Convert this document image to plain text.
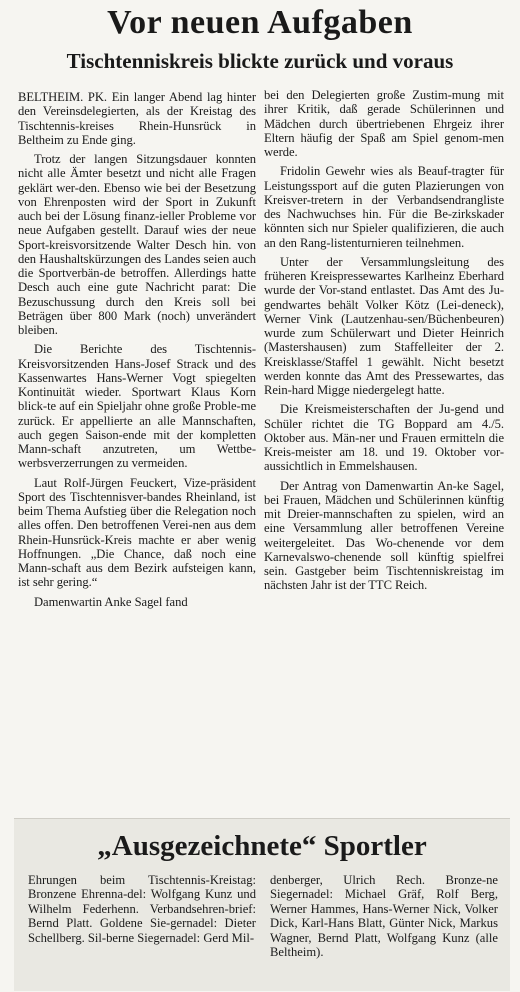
Vor neuen Aufgaben
Tischtenniskreis blickte zurück und voraus

BELTHEIM. PK. Ein langer Abend lag hinter den Vereinsdelegierten, als der Kreistag des Tischtennis-kreises Rhein-Hunsrück in Beltheim zu Ende ging.

Trotz der langen Sitzungsdauer konnten nicht alle Ämter besetzt und nicht alle Fragen geklärt wer-den. Ebenso wie bei der Besetzung von Ehrenposten wird der Sport in Zukunft auch bei der Lösung finanz-ieller Probleme vor neue Aufgaben gestellt. Darauf wies der neue Sport-kreisvorsitzende Walter Desch hin. von den Haushaltskürzungen des Landes seien auch die Sportverbän-de betroffen. Allerdings hatte Desch auch eine gute Nachricht parat: Die Bezuschussung durch den Kreis soll bei Beträgen über 800 Mark (noch) unverändert bleiben.

Die Berichte des Tischtennis-Kreisvorsitzenden Hans-Josef Strack und des Kassenwartes Hans-Werner Vogt spiegelten Kontinuität wieder. Sportwart Klaus Korn blick-te auf ein Spieljahr ohne große Proble-me zurück. Er appellierte an alle Mannschaften, auch gegen Saison-ende mit der kompletten Mann-schaft anzutreten, um Wettbe-werbsverzerrungen zu vermeiden.

Laut Rolf-Jürgen Feuckert, Vize-präsident Sport des Tischtennisver-bandes Rheinland, ist beim Thema Aufstieg über die Relegation noch alles offen. Den betroffenen Verei-nen aus dem Rhein-Hunsrück-Kreis machte er aber wenig Hoffnungen. „Die Chance, daß noch eine Mann-schaft aus dem Bezirk aufsteigen kann, ist sehr gering.“

Damenwartin Anke Sagel fand

bei den Delegierten große Zustim-mung mit ihrer Kritik, daß gerade Schülerinnen und Mädchen durch übertriebenen Ehrgeiz ihrer Eltern häufig der Spaß am Spiel genom-men werde.

Fridolin Gewehr wies als Beauf-tragter für Leistungssport auf die guten Plazierungen von Kreisver-tretern in der Verbandsendrangliste des Nachwuchses hin. Für die Be-zirkskader könnten sich nur Spieler qualifizieren, die auch an den Rang-listenturnieren teilnehmen.

Unter der Versammlungsleitung des früheren Kreispressewartes Karlheinz Eberhard wurde der Vor-stand entlastet. Das Amt des Ju-gendwartes behält Volker Kötz (Lei-deneck), Werner Vink (Lautzenhau-sen/Büchenbeuren) wurde zum Schülerwart und Dieter Heinrich (Mastershausen) zum Staffelleiter der 2. Kreisklasse/Staffel 1 gewählt. Nicht besetzt werden konnte das Amt des Pressewartes, das Rein-hard Migge niedergelegt hatte.

Die Kreismeisterschaften der Ju-gend und Schüler richtet die TG Boppard am 4./5. Oktober aus. Män-ner und Frauen ermitteln die Kreis-meister am 18. und 19. Oktober vor-aussichtlich in Emmelshausen.

Der Antrag von Damenwartin An-ke Sagel, bei Frauen, Mädchen und Schülerinnen künftig mit Dreier-mannschaften zu spielen, wird an eine Versammlung aller betroffenen Vereine weitergeleitet. Das Wo-chenende vor dem Karnevalswo-chenende soll künftig spielfrei sein. Gastgeber beim Tischtenniskreistag im nächsten Jahr ist der TTC Reich.

„Ausgezeichnete“ Sportler

Ehrungen beim Tischtennis-Kreistag: Bronzene Ehrenna-del: Wolfgang Kunz und Wilhelm Federhenn. Verbandsehren-brief: Bernd Platt. Goldene Sie-gernadel: Dieter Schellberg. Sil-berne Siegernadel: Gerd Mil-

denberger, Ulrich Rech. Bronze-ne Siegernadel: Michael Gräf, Rolf Berg, Werner Hammes, Hans-Werner Nick, Volker Dick, Karl-Hans Blatt, Günter Nick, Markus Wagner, Bernd Platt, Wolfgang Kunz (alle Beltheim).
